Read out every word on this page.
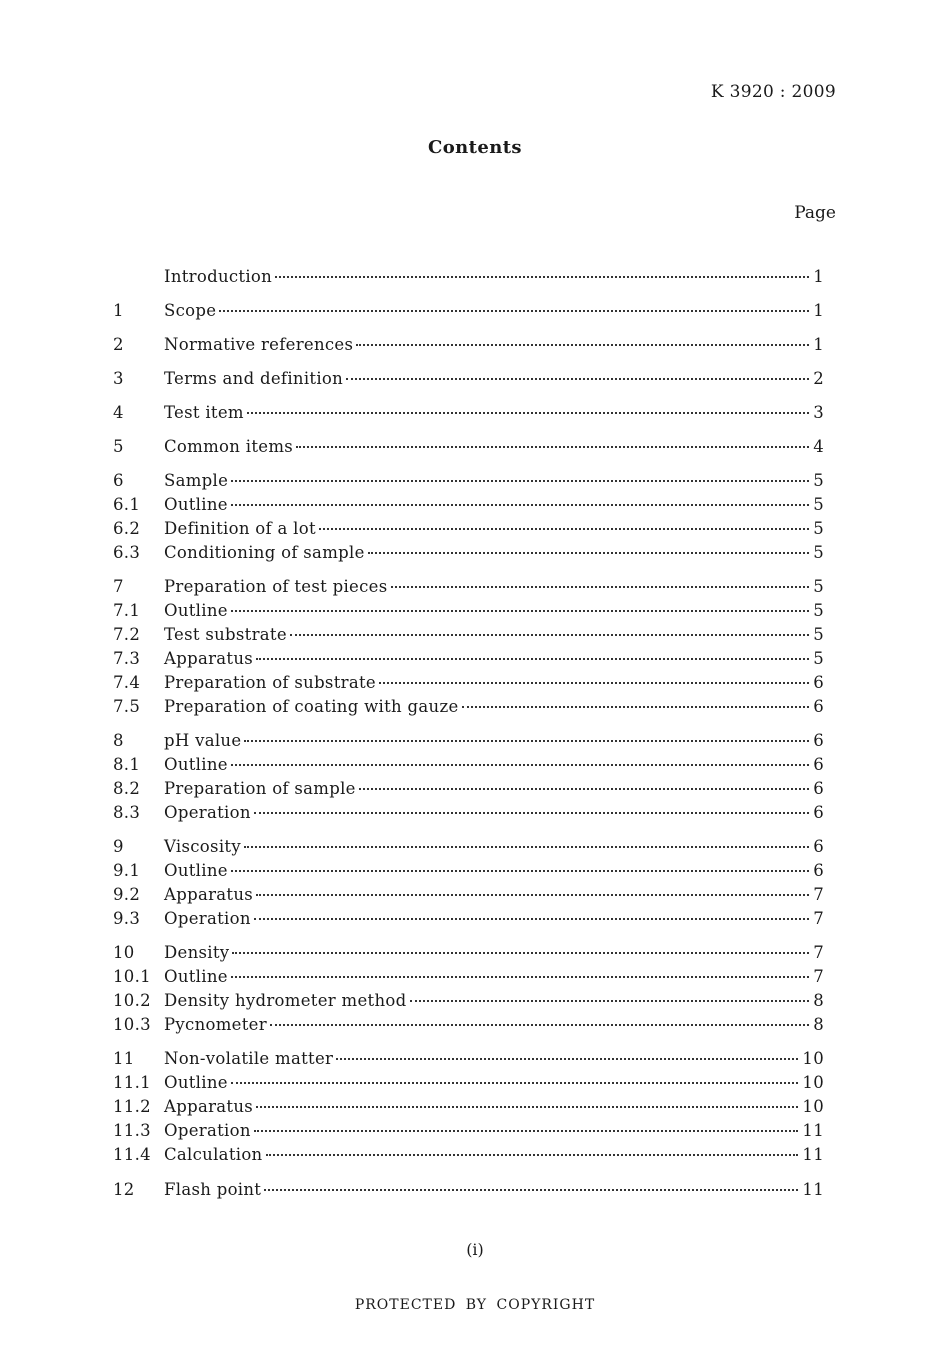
K 3920 : 2009
Contents
Page
Introduction	1
1	Scope	1
2	Normative references	1
3	Terms and definition	2
4	Test item	3
5	Common items	4
6	Sample	5
6.1	Outline	5
6.2	Definition of a lot	5
6.3	Conditioning of sample	5
7	Preparation of test pieces	5
7.1	Outline	5
7.2	Test substrate	5
7.3	Apparatus	5
7.4	Preparation of substrate	6
7.5	Preparation of coating with gauze	6
8	pH value	6
8.1	Outline	6
8.2	Preparation of sample	6
8.3	Operation	6
9	Viscosity	6
9.1	Outline	6
9.2	Apparatus	7
9.3	Operation	7
10	Density	7
10.1 Outline	7
10.2 Density hydrometer method	8
10.3 Pycnometer	8
11	Non-volatile matter	10
11.1 Outline	10
11.2 Apparatus	10
11.3 Operation	11
11.4 Calculation	11
12	Flash point	11
(i)
PROTECTED BY COPYRIGHT
